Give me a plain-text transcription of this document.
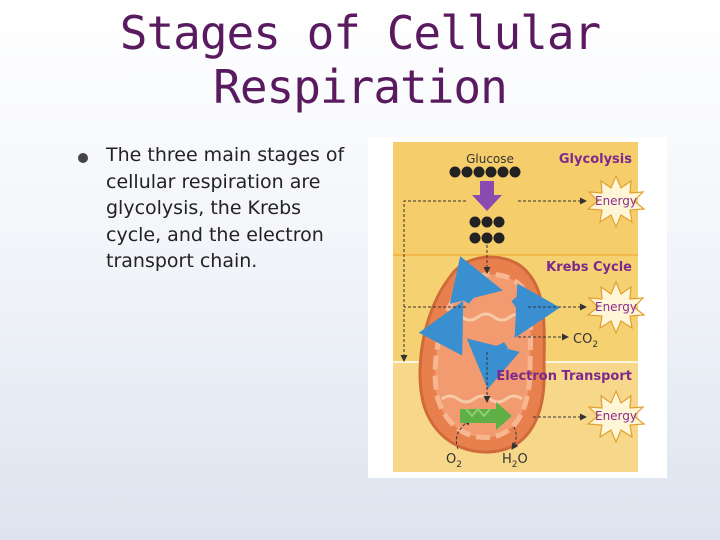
Stages of Cellular
Respiration
The three main stages of cellular respiration are glycolysis, the Krebs cycle, and the electron transport chain.
Glucose	Glycolysis
Krebs Cycle
Electron Transport
Energy
Energy
Energy
$CO_2$
$O_2$	$H_2O$
